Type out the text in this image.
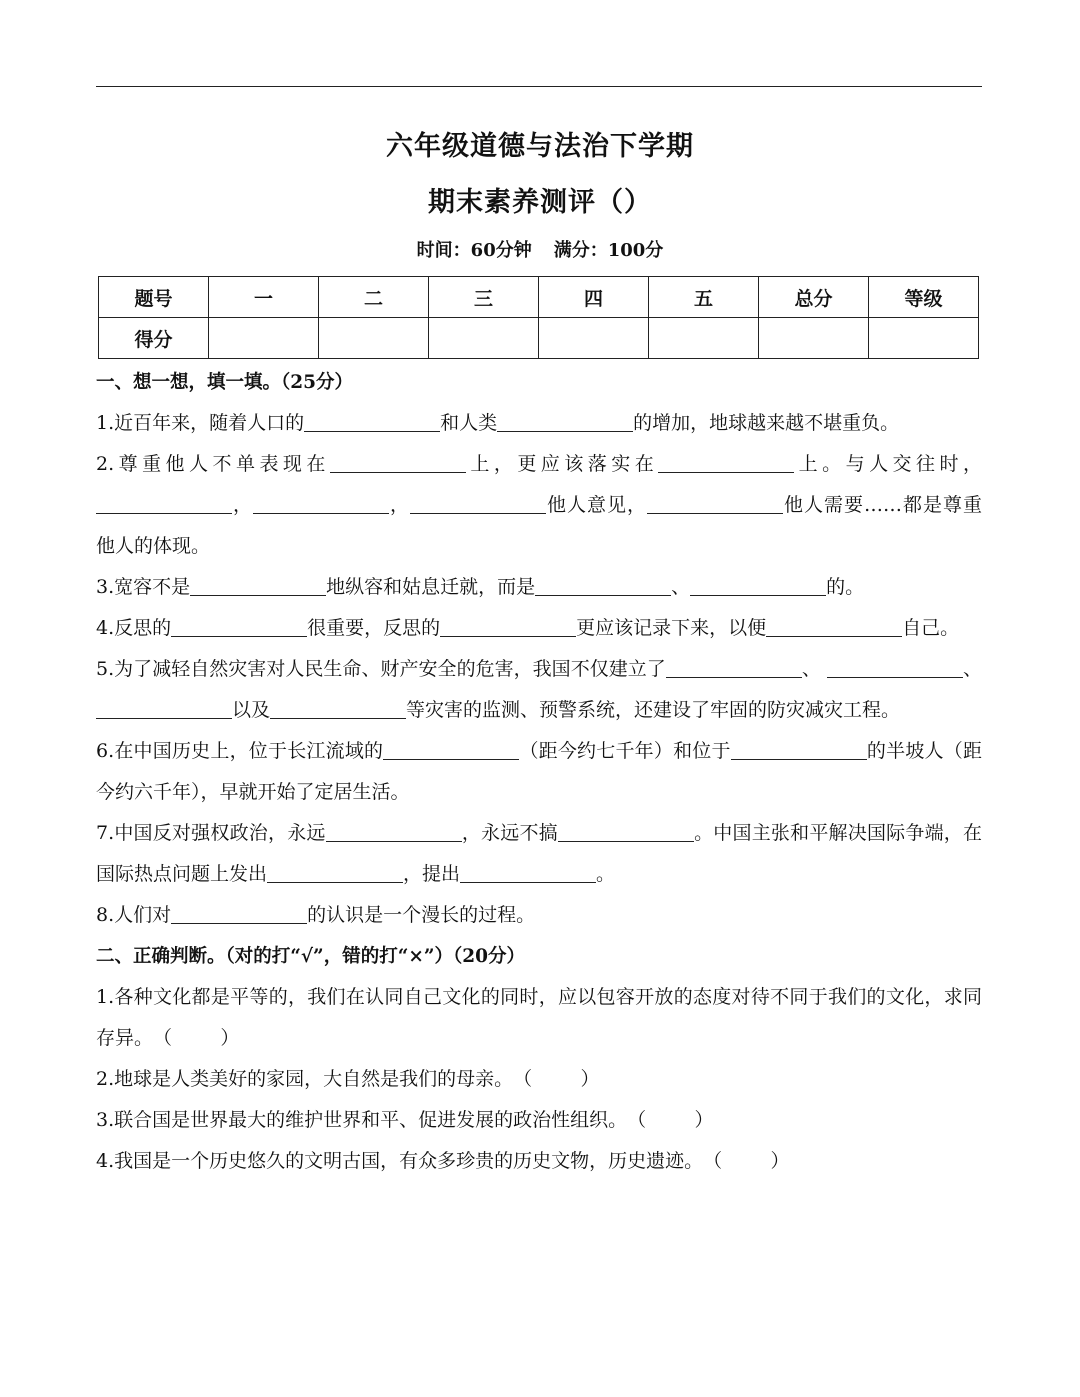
六年级道德与法治下学期
期末素养测评（）
时间：60分钟 满分：100分
题号	一	二	三	四	五	总分	等级
得分							
一、想一想，填一填。（25分）
1.近百年来，随着人口的	和人类	的增加，地球越来越不堪重负。
2.尊重他人不单表现在	上，更应该落实在	上。与人交往时， ，	，	他人意见，	他人需要……都是尊重他人的体现。
3.宽容不是	地纵容和姑息迁就，而是	、	的。
4.反思的	很重要，反思的	更应该记录下来，以便	自己。
5.为了减轻自然灾害对人民生命、财产安全的危害，我国不仅建立了	、	、以及	等灾害的监测、预警系统，还建设了牢固的防灾减灾工程。
6.在中国历史上，位于长江流域的	（距今约七千年）和位于	的半坡人（距今约六千年），早就开始了定居生活。
7.中国反对强权政治，永远	，永远不搞	。中国主张和平解决国际争端，在国际热点问题上发出	，提出	。
8.人们对	的认识是一个漫长的过程。
二、正确判断。（对的打“√”，错的打“×”）（20分）
1.各种文化都是平等的，我们在认同自己文化的同时，应以包容开放的态度对待不同于我们的文化，求同存异。（        ）
2.地球是人类美好的家园，大自然是我们的母亲。（        ）
3.联合国是世界最大的维护世界和平、促进发展的政治性组织。（        ）
4.我国是一个历史悠久的文明古国，有众多珍贵的历史文物，历史遗迹。（        ）
